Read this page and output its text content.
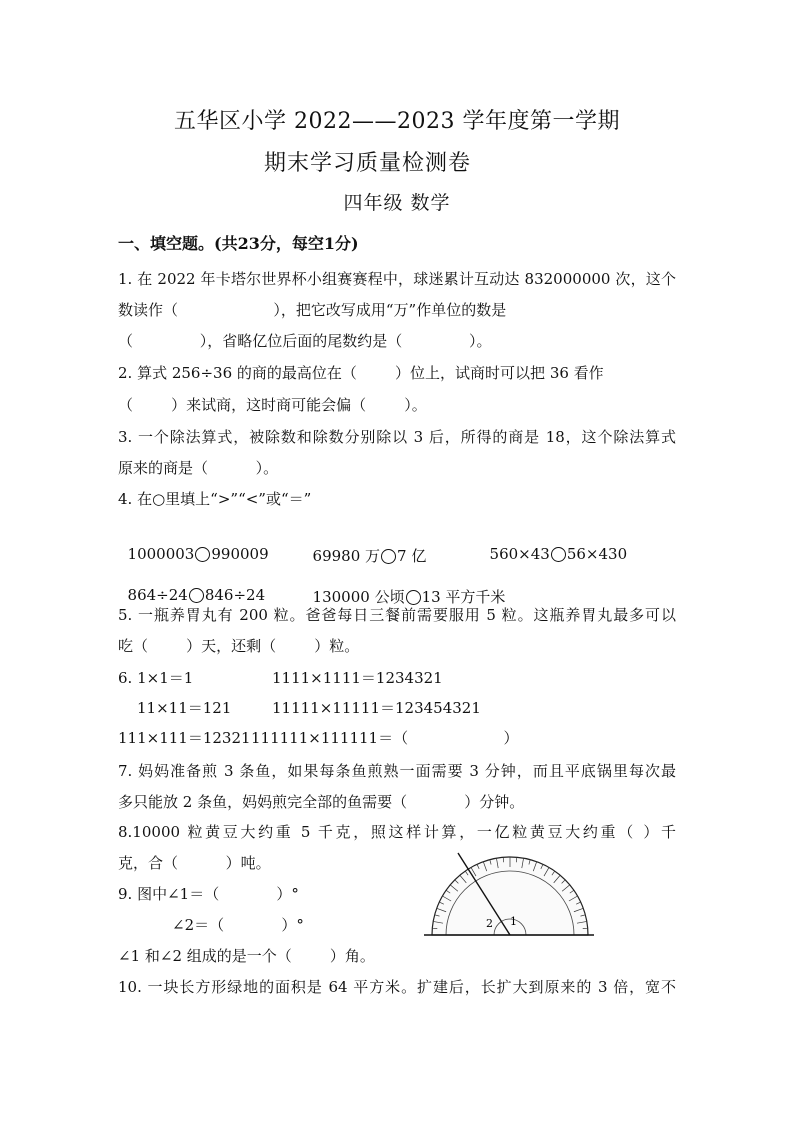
五华区小学 2022——2023 学年度第一学期
期末学习质量检测卷
四年级 数学
一、填空题。(共23分，每空1分)
1. 在 2022 年卡塔尔世界杯小组赛赛程中，球迷累计互动达 832000000 次，这个
数读作（                    ），把它改写成用“万”作单位的数是
（              ），省略亿位后面的尾数约是（              ）。
2. 算式 256÷36 的商的最高位在（        ）位上，试商时可以把 36 看作
（        ）来试商，这时商可能会偏（        ）。
3. 一个除法算式，被除数和除数分别除以 3 后，所得的商是 18，这个除法算式
原来的商是（          ）。
4. 在○里填上“>”“<”或“＝”

1000003 990009	69980 万 7 亿	560×43 56×430

864÷24 846÷24	130000 公顷 13 平方千米

5. 一瓶养胃丸有 200 粒。爸爸每日三餐前需要服用 5 粒。这瓶养胃丸最多可以
吃（        ）天，还剩（        ）粒。
6. 1×1＝1	1111×1111＝1234321
11×11＝121	11111×11111＝123454321
111×111＝12321 111111×111111＝（                    ）
7. 妈妈准备煎 3 条鱼，如果每条鱼煎熟一面需要 3 分钟，而且平底锅里每次最
多只能放 2 条鱼，妈妈煎完全部的鱼需要（            ）分钟。
8.10000 粒黄豆大约重 5 千克，照这样计算，一亿粒黄豆大约重（ ）千
克，合（          ）吨。
9. 图中∠1＝（            ）°
∠2＝（            ）°
∠1 和∠2 组成的是一个（        ）角。
2 1
10. 一块长方形绿地的面积是 64 平方米。扩建后，长扩大到原来的 3 倍，宽不
